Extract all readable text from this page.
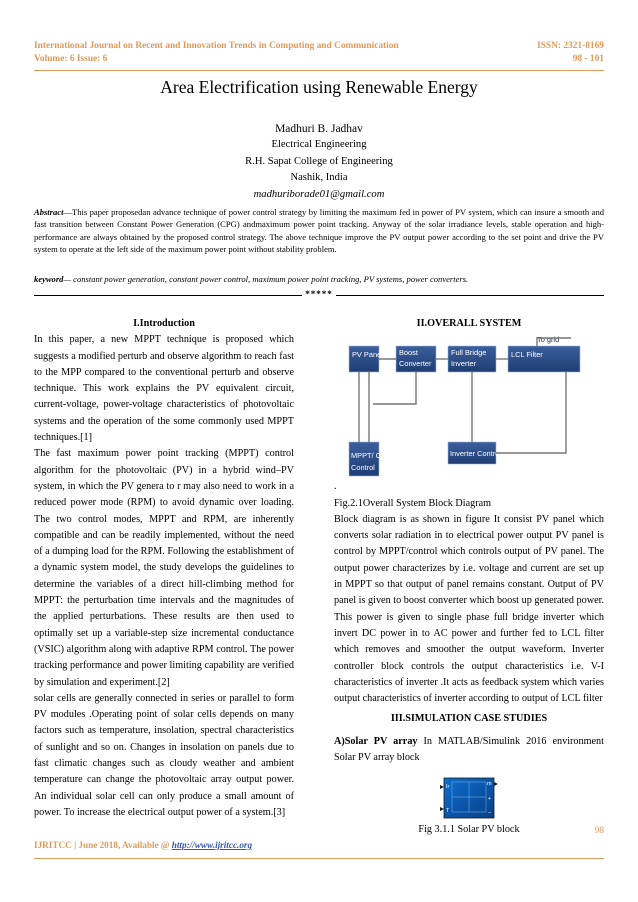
International Journal on Recent and Innovation Trends in Computing and Communication
Volume: 6 Issue: 6
ISSN: 2321-8169
98 - 101
Area Electrification using Renewable Energy
Madhuri B. Jadhav
Electrical Engineering
R.H. Sapat College of Engineering
Nashik, India
madhuriborade01@gmail.com
Abstract—This paper proposedan advance technique of power control strategy by limiting the maximum fed in power of PV system, which can insure a smooth and fast transition between Constant Power Generation (CPG) andmaximum power point tracking. Anyway of the solar irradiance levels, stable operation and high-performance are always obtained by the proposed control strategy. The above technique improve the PV output power according to the set point and drive the PV system to operate at the left side of the maximum power point without stability problem.
keyword— constant power generation, constant power control, maximum power point tracking, PV systems, power converters.
*****
I.Introduction
In this paper, a new MPPT technique is proposed which suggests a modified perturb and observe algorithm to reach fast to the MPP compared to the conventional perturb and observe technique. This work explains the PV equivalent circuit, current-voltage, power-voltage characteristics of photovoltaic systems and the operation of the some commonly used MPPT techniques.[1]
The fast maximum power point tracking (MPPT) control algorithm for the photovoltaic (PV) in a hybrid wind–PV system, in which the PV genera to r may also need to work in a reduced power mode (RPM) to avoid dynamic over loading. The two control modes, MPPT and RPM, are inherently compatible and can be readily implemented, without the need of a dumping load for the RPM. Following the establishment of a dynamic system model, the study develops the guidelines to determine the variables of a direct hill-climbing method for MPPT: the perturbation time intervals and the magnitudes of the applied perturbations. These results are then used to optimally set up a variable-step size incremental conductance (VSIC) algorithm along with adaptive RPM control. The power tracking performance and power limiting capability are verified by simulation and experiment.[2]
solar cells are generally connected in series or parallel to form PV modules .Operating point of solar cells depends on many factors such as temperature, insolation, spectral characteristics of sunlight and so on. Changes in insolation on panels due to fast climatic changes such as cloudy weather and ambient temperature can change the photovoltaic array output power. An individual solar cell can only produce a small amount of power. To increase the electrical output power of a system.[3]
II.OVERALL SYSTEM
To grid
PV Panels Boost
Converter
Full Bridge
Inverter
LCL Filter
MPPT/ CPG
Control
Inverter Control
.
Fig.2.1Overall System Block Diagram
Block diagram is as shown in figure It consist PV panel which converts solar radiation in to electrical power output PV panel is control by MPPT/control which controls output of PV panel. The output power characterizes by i.e. voltage and current are set up in MPPT so that output of panel remains constant. Output of PV panel is given to boost converter which boost up generated power. This power is given to single phase full bridge inverter which invert DC power in to AC power and further fed to LCL filter which removes and smoother the output waveform. Inverter controller block controls the output characteristics i.e. V-I characteristics of inverter .It acts as feedback system which varies output characteristics of inverter according to output of LCL filter
III.SIMULATION CASE STUDIES
A)Solar PV array In MATLAB/Simulink 2016 environment Solar PV array block
Ir
T
m
+
−
Fig 3.1.1 Solar PV block	98
IJRITCC | June 2018, Available @ http://www.ijritcc.org
